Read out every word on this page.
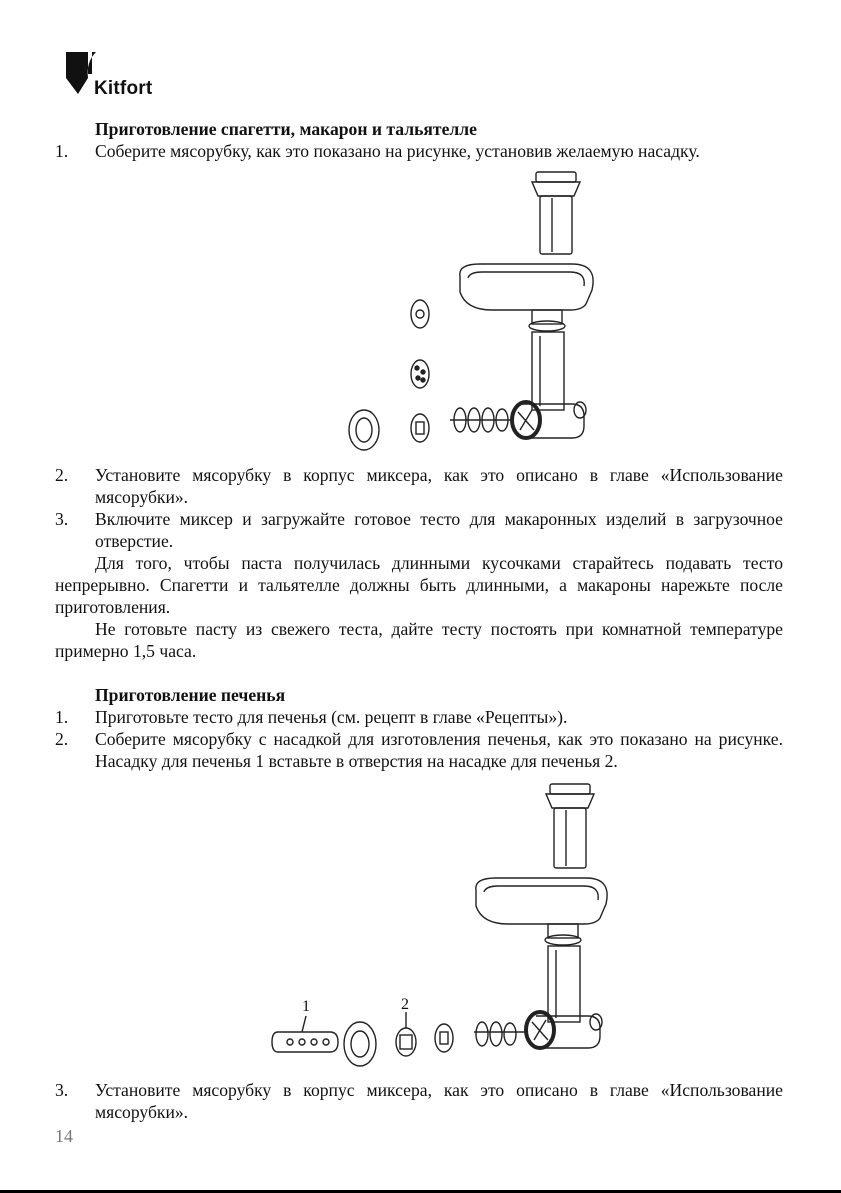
Kitfort
Приготовление спагетти, макарон и тальятелле
1. Соберите мясорубку, как это показано на рисунке, установив желаемую насадку.
2. Установите мясорубку в корпус миксера, как это описано в главе «Использование мясорубки».
3. Включите миксер и загружайте готовое тесто для макаронных изделий в загрузочное отверстие.
Для того, чтобы паста получилась длинными кусочками старайтесь подавать тесто непрерывно. Спагетти и тальятелле должны быть длинными, а макароны нарежьте после приготовления.
Не готовьте пасту из свежего теста, дайте тесту постоять при комнатной температуре примерно 1,5 часа.
Приготовление печенья
1. Приготовьте тесто для печенья (см. рецепт в главе «Рецепты»).
2. Соберите мясорубку с насадкой для изготовления печенья, как это показано на рисунке. Насадку для печенья 1 вставьте в отверстия на насадке для печенья 2.
1	2
3. Установите мясорубку в корпус миксера, как это описано в главе «Использование мясорубки».
14
